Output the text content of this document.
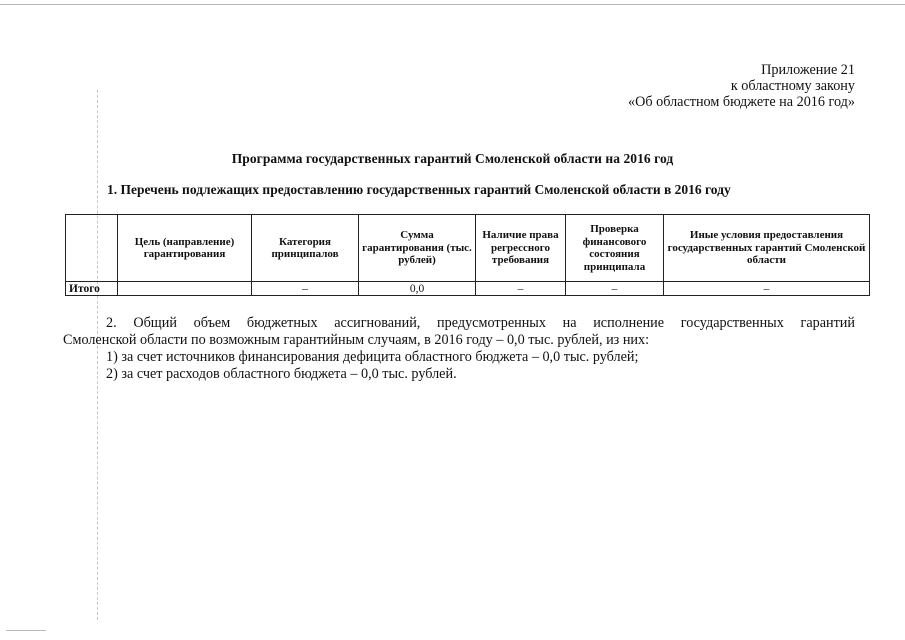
Приложение 21
к областному закону
«Об областном бюджете на 2016 год»
Программа государственных гарантий Смоленской области на 2016 год
1. Перечень подлежащих предоставлению государственных гарантий Смоленской области в 2016 году
	Цель (направление) гарантирования	Категория принципалов	Сумма гарантирования (тыс. рублей)	Наличие права регрессного требования	Проверка финансового состояния принципала	Иные условия предоставления государственных гарантий Смоленской области
Итого		–	0,0	–	–	–
2. Общий объем бюджетных ассигнований, предусмотренных на исполнение государственных гарантий
Смоленской области по возможным гарантийным случаям, в 2016 году – 0,0 тыс. рублей, из них:
1) за счет источников финансирования дефицита областного бюджета – 0,0 тыс. рублей;
2) за счет расходов областного бюджета – 0,0 тыс. рублей.
